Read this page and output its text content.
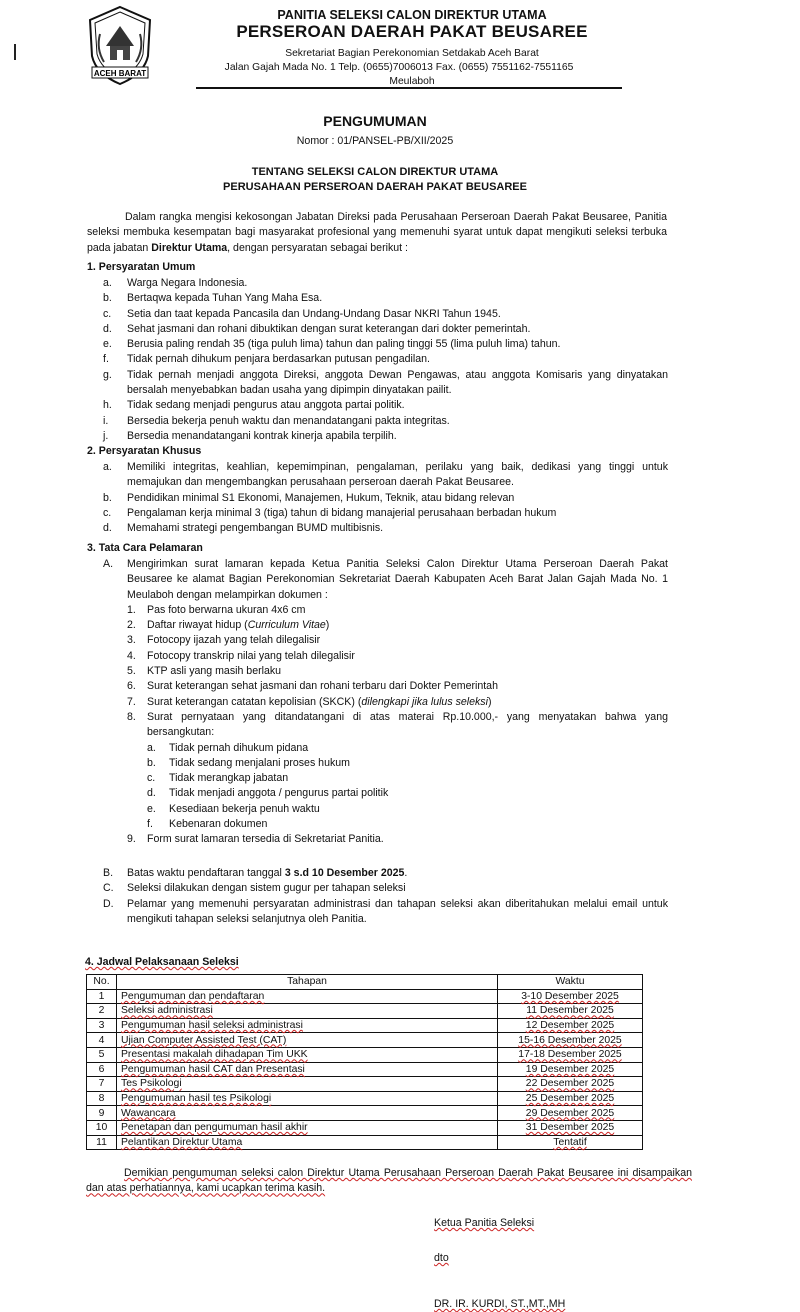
ACEH BARAT
PANITIA SELEKSI CALON DIREKTUR UTAMA
PERSEROAN DAERAH PAKAT BEUSAREE
Sekretariat Bagian Perekonomian Setdakab Aceh Barat
Jalan Gajah Mada No. 1 Telp. (0655)7006013 Fax. (0655) 7551162-7551165
Meulaboh
PENGUMUMAN
Nomor : 01/PANSEL-PB/XII/2025
TENTANG SELEKSI CALON DIREKTUR UTAMA
PERUSAHAAN PERSEROAN DAERAH PAKAT BEUSAREE

Dalam rangka mengisi kekosongan Jabatan Direksi pada Perusahaan Perseroan Daerah Pakat Beusaree, Panitia seleksi membuka kesempatan bagi masyarakat profesional yang memenuhi syarat untuk dapat mengikuti seleksi terbuka pada jabatan Direktur Utama, dengan persyaratan sebagai berikut :

1. Persyaratan Umum
a. Warga Negara Indonesia.
b. Bertaqwa kepada Tuhan Yang Maha Esa.
c. Setia dan taat kepada Pancasila dan Undang-Undang Dasar NKRI Tahun 1945.
d. Sehat jasmani dan rohani dibuktikan dengan surat keterangan dari dokter pemerintah.
e. Berusia paling rendah 35 (tiga puluh lima) tahun dan paling tinggi 55 (lima puluh lima) tahun.
f. Tidak pernah dihukum penjara berdasarkan putusan pengadilan.
g. Tidak pernah menjadi anggota Direksi, anggota Dewan Pengawas, atau anggota Komisaris yang dinyatakan bersalah menyebabkan badan usaha yang dipimpin dinyatakan pailit.
h. Tidak sedang menjadi pengurus atau anggota partai politik.
i. Bersedia bekerja penuh waktu dan menandatangani pakta integritas.
j. Bersedia menandatangani kontrak kinerja apabila terpilih.
2. Persyaratan Khusus
a. Memiliki integritas, keahlian, kepemimpinan, pengalaman, perilaku yang baik, dedikasi yang tinggi untuk memajukan dan mengembangkan perusahaan perseroan daerah Pakat Beusaree.
b. Pendidikan minimal S1 Ekonomi, Manajemen, Hukum, Teknik, atau bidang relevan
c. Pengalaman kerja minimal 3 (tiga) tahun di bidang manajerial perusahaan berbadan hukum
d. Memahami strategi pengembangan BUMD multibisnis.
3. Tata Cara Pelamaran
A. Mengirimkan surat lamaran kepada Ketua Panitia Seleksi Calon Direktur Utama Perseroan Daerah Pakat Beusaree ke alamat Bagian Perekonomian Sekretariat Daerah Kabupaten Aceh Barat Jalan Gajah Mada No. 1 Meulaboh dengan melampirkan dokumen :
1. Pas foto berwarna ukuran 4x6 cm
2. Daftar riwayat hidup (Curriculum Vitae)
3. Fotocopy ijazah yang telah dilegalisir
4. Fotocopy transkrip nilai yang telah dilegalisir
5. KTP asli yang masih berlaku
6. Surat keterangan sehat jasmani dan rohani terbaru dari Dokter Pemerintah
7. Surat keterangan catatan kepolisian (SKCK) (dilengkapi jika lulus seleksi)
8. Surat pernyataan yang ditandatangani di atas materai Rp.10.000,- yang menyatakan bahwa yang bersangkutan:
a. Tidak pernah dihukum pidana
b. Tidak sedang menjalani proses hukum
c. Tidak merangkap jabatan
d. Tidak menjadi anggota / pengurus partai politik
e. Kesediaan bekerja penuh waktu
f. Kebenaran dokumen
9. Form surat lamaran tersedia di Sekretariat Panitia.
B. Batas waktu pendaftaran tanggal 3 s.d 10 Desember 2025.
C. Seleksi dilakukan dengan sistem gugur per tahapan seleksi
D. Pelamar yang memenuhi persyaratan administrasi dan tahapan seleksi akan diberitahukan melalui email untuk mengikuti tahapan seleksi selanjutnya oleh Panitia.
4. Jadwal Pelaksanaan Seleksi
No.	Tahapan	Waktu
1	Pengumuman dan pendaftaran	3-10 Desember 2025
2	Seleksi administrasi	11 Desember 2025
3	Pengumuman hasil seleksi administrasi	12 Desember 2025
4	Ujian Computer Assisted Test (CAT)	15-16 Desember 2025
5	Presentasi makalah dihadapan Tim UKK	17-18 Desember 2025
6	Pengumuman hasil CAT dan Presentasi	19 Desember 2025
7	Tes Psikologi	22 Desember 2025
8	Pengumuman hasil tes Psikologi	25 Desember 2025
9	Wawancara	29 Desember 2025
10	Penetapan dan pengumuman hasil akhir	31 Desember 2025
11	Pelantikan Direktur Utama	Tentatif

Demikian pengumuman seleksi calon Direktur Utama Perusahaan Perseroan Daerah Pakat Beusaree ini disampaikan dan atas perhatiannya, kami ucapkan terima kasih.

Ketua Panitia Seleksi
dto
DR. IR. KURDI, ST.,MT.,MH
